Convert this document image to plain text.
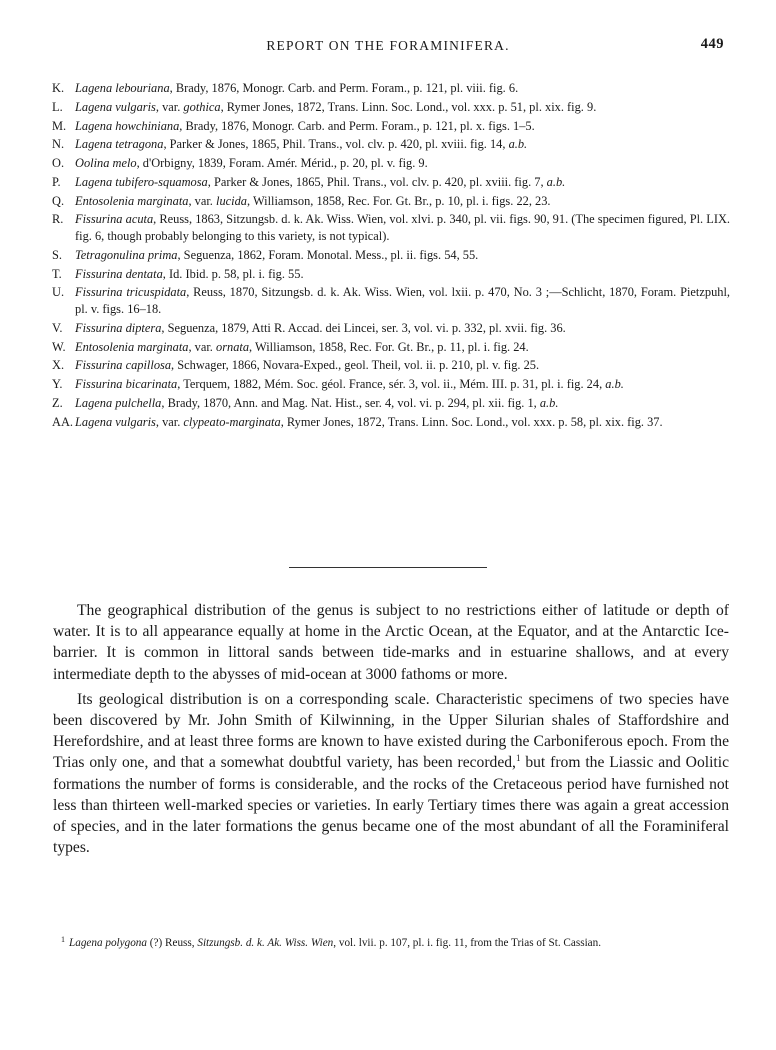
REPORT ON THE FORAMINIFERA.	449
K. Lagena lebouriana, Brady, 1876, Monogr. Carb. and Perm. Foram., p. 121, pl. viii. fig. 6.
L. Lagena vulgaris, var. gothica, Rymer Jones, 1872, Trans. Linn. Soc. Lond., vol. xxx. p. 51, pl. xix. fig. 9.
M. Lagena howchiniana, Brady, 1876, Monogr. Carb. and Perm. Foram., p. 121, pl. x. figs. 1–5.
N. Lagena tetragona, Parker & Jones, 1865, Phil. Trans., vol. clv. p. 420, pl. xviii. fig. 14, a.b.
O. Oolina melo, d'Orbigny, 1839, Foram. Amér. Mérid., p. 20, pl. v. fig. 9.
P.	Lagena tubifero-squamosa, Parker & Jones, 1865, Phil. Trans., vol. clv. p. 420, pl. xviii. fig. 7, a.b.
Q. Entosolenia marginata, var. lucida, Williamson, 1858, Rec. For. Gt. Br., p. 10, pl. i. figs. 22, 23.
R. Fissurina acuta, Reuss, 1863, Sitzungsb. d. k. Ak. Wiss. Wien, vol. xlvi. p. 340, pl. vii. figs. 90, 91. (The specimen figured, Pl. LIX. fig. 6, though probably belonging to this variety, is not typical).
S.	Tetragonulina prima, Seguenza, 1862, Foram. Monotal. Mess., pl. ii. figs. 54, 55.
T.	Fissurina dentata, Id. Ibid. p. 58, pl. i. fig. 55.
U. Fissurina tricuspidata, Reuss, 1870, Sitzungsb. d. k. Ak. Wiss. Wien, vol. lxii. p. 470, No. 3 ;—Schlicht, 1870, Foram. Pietzpuhl, pl. v. figs. 16–18.
V.	Fissurina diptera, Seguenza, 1879, Atti R. Accad. dei Lincei, ser. 3, vol. vi. p. 332, pl. xvii. fig. 36.
W. Entosolenia marginata, var. ornata, Williamson, 1858, Rec. For. Gt. Br., p. 11, pl. i. fig. 24.
X. Fissurina capillosa, Schwager, 1866, Novara-Exped., geol. Theil, vol. ii. p. 210, pl. v. fig. 25.
Y.	Fissurina bicarinata, Terquem, 1882, Mém. Soc. géol. France, sér. 3, vol. ii., Mém. III. p. 31, pl. i. fig. 24, a.b.
Z. Lagena pulchella, Brady, 1870, Ann. and Mag. Nat. Hist., ser. 4, vol. vi. p. 294, pl. xii. fig. 1, a.b.
AA. Lagena vulgaris, var. clypeato-marginata, Rymer Jones, 1872, Trans. Linn. Soc. Lond., vol. xxx. p. 58, pl. xix. fig. 37.

The geographical distribution of the genus is subject to no restrictions either of latitude or depth of water. It is to all appearance equally at home in the Arctic Ocean, at the Equator, and at the Antarctic Ice-barrier. It is common in littoral sands between tide-marks and in estuarine shallows, and at every intermediate depth to the abysses of mid-ocean at 3000 fathoms or more.

Its geological distribution is on a corresponding scale. Characteristic specimens of two species have been discovered by Mr. John Smith of Kilwinning, in the Upper Silurian shales of Staffordshire and Herefordshire, and at least three forms are known to have existed during the Carboniferous epoch. From the Trias only one, and that a somewhat doubtful variety, has been recorded,$^1$ but from the Liassic and Oolitic formations the number of forms is considerable, and the rocks of the Cretaceous period have furnished not less than thirteen well-marked species or varieties. In early Tertiary times there was again a great accession of species, and in the later formations the genus became one of the most abundant of all the Foraminiferal types.

$^1$ Lagena polygona (?) Reuss, Sitzungsb. d. k. Ak. Wiss. Wien, vol. lvii. p. 107, pl. i. fig. 11, from the Trias of St. Cassian.
